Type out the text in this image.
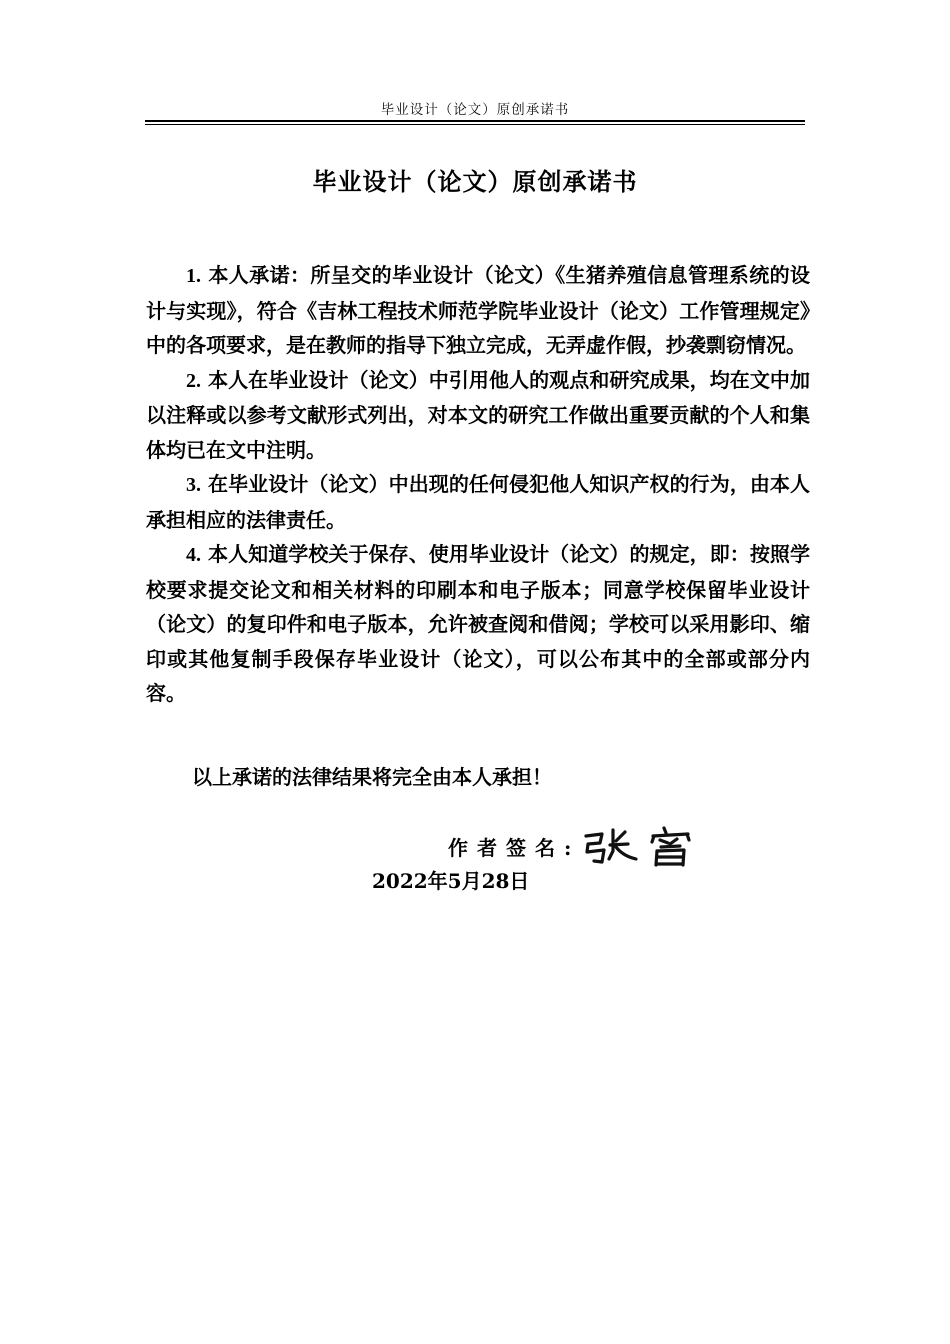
毕业设计（论文）原创承诺书
毕业设计（论文）原创承诺书

1. 本人承诺：所呈交的毕业设计（论文）《生猪养殖信息管理系统的设计与实现》，符合《吉林工程技术师范学院毕业设计（论文）工作管理规定》中的各项要求，是在教师的指导下独立完成，无弄虚作假，抄袭剽窃情况。

2. 本人在毕业设计（论文）中引用他人的观点和研究成果，均在文中加以注释或以参考文献形式列出，对本文的研究工作做出重要贡献的个人和集体均已在文中注明。

3. 在毕业设计（论文）中出现的任何侵犯他人知识产权的行为，由本人承担相应的法律责任。

4. 本人知道学校关于保存、使用毕业设计（论文）的规定，即：按照学校要求提交论文和相关材料的印刷本和电子版本；同意学校保留毕业设计（论文）的复印件和电子版本，允许被查阅和借阅；学校可以采用影印、缩印或其他复制手段保存毕业设计（论文），可以公布其中的全部或部分内容。

以上承诺的法律结果将完全由本人承担！
作者签名:
2022年5月28日
